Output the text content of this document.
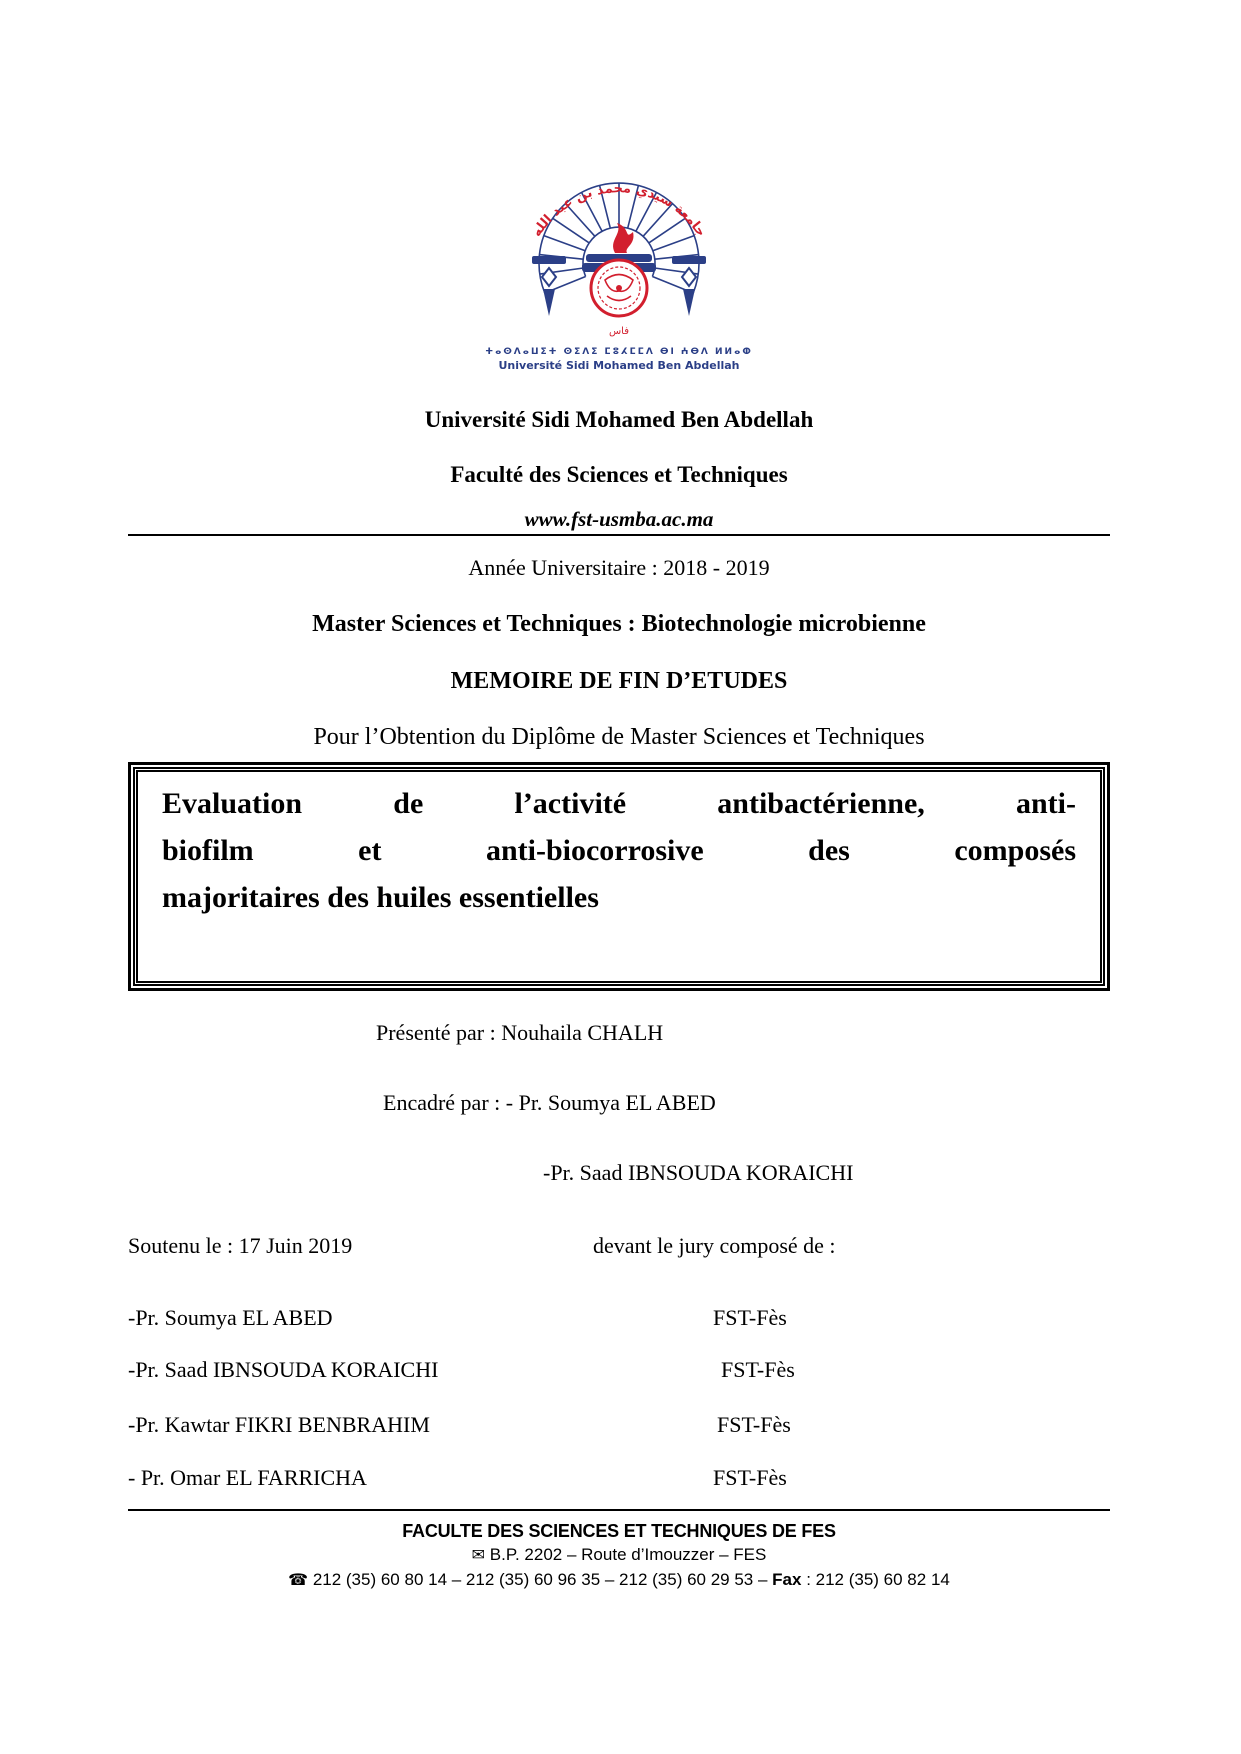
جامعة سيدي محمد بن عبد الله
فاس
ⵜⴰⵙⴷⴰⵡⵉⵜ ⵙⵉⴷⵉ ⵎⵓⵃⵎⵎⴷ ⴱⵏ ⵄⴱⴷ ⵍⵍⴰⵀ
Université Sidi Mohamed Ben Abdellah
Université Sidi Mohamed Ben Abdellah
Faculté des Sciences et Techniques
www.fst-usmba.ac.ma
Année Universitaire : 2018 - 2019
Master Sciences et Techniques : Biotechnologie microbienne
MEMOIRE DE FIN D’ETUDES
Pour l’Obtention du Diplôme de Master Sciences et Techniques
Evaluation de l’activité antibactérienne, anti-
biofilm et anti-biocorrosive des composés
majoritaires des huiles essentielles
Présenté par : Nouhaila CHALH
Encadré par : - Pr. Soumya EL ABED
-Pr. Saad IBNSOUDA KORAICHI
Soutenu le : 17 Juin 2019	devant le jury composé de :
-Pr. Soumya EL ABED	FST-Fès
-Pr. Saad IBNSOUDA KORAICHI	FST-Fès
-Pr. Kawtar FIKRI BENBRAHIM	FST-Fès
- Pr. Omar EL FARRICHA	FST-Fès
FACULTE DES SCIENCES ET TECHNIQUES DE FES
✉ B.P. 2202 – Route d’Imouzzer – FES
☎ 212 (35) 60 80 14 – 212 (35) 60 96 35 – 212 (35) 60 29 53 – Fax : 212 (35) 60 82 14
